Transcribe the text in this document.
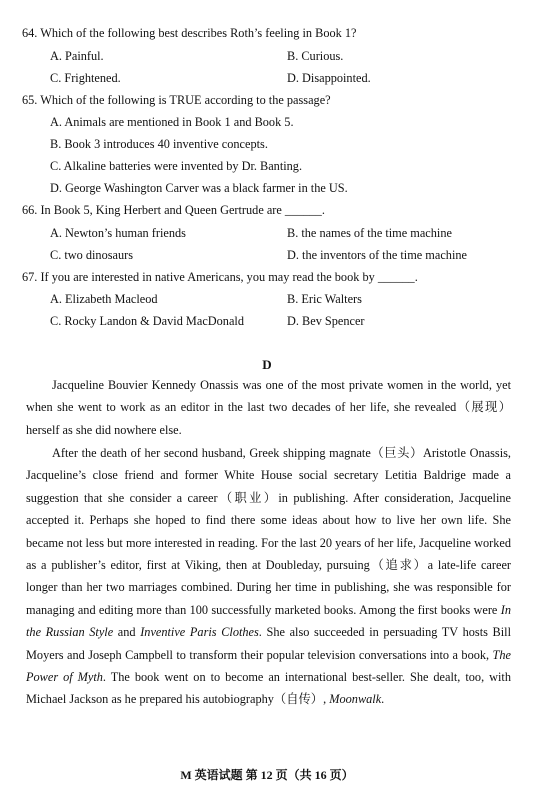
64. Which of the following best describes Roth’s feeling in Book 1?
A. Painful.	B. Curious.
C. Frightened.	D. Disappointed.
65. Which of the following is TRUE according to the passage?
A. Animals are mentioned in Book 1 and Book 5.
B. Book 3 introduces 40 inventive concepts.
C. Alkaline batteries were invented by Dr. Banting.
D. George Washington Carver was a black farmer in the US.
66. In Book 5, King Herbert and Queen Gertrude are ______.
A. Newton’s human friends	B. the names of the time machine
C. two dinosaurs	D. the inventors of the time machine
67. If you are interested in native Americans, you may read the book by ______.
A. Elizabeth Macleod	B. Eric Walters
C. Rocky Landon & David MacDonald	D. Bev Spencer
D
Jacqueline Bouvier Kennedy Onassis was one of the most private women in the world, yet when she went to work as an editor in the last two decades of her life, she revealed（展现）herself as she did nowhere else.
After the death of her second husband, Greek shipping magnate（巨头）Aristotle Onassis, Jacqueline’s close friend and former White House social secretary Letitia Baldrige made a suggestion that she consider a career（职业）in publishing. After consideration, Jacqueline accepted it. Perhaps she hoped to find there some ideas about how to live her own life. She became not less but more interested in reading. For the last 20 years of her life, Jacqueline worked as a publisher’s editor, first at Viking, then at Doubleday, pursuing（追求）a late-life career longer than her two marriages combined. During her time in publishing, she was responsible for managing and editing more than 100 successfully marketed books. Among the first books were In the Russian Style and Inventive Paris Clothes. She also succeeded in persuading TV hosts Bill Moyers and Joseph Campbell to transform their popular television conversations into a book, The Power of Myth. The book went on to become an international best-seller. She dealt, too, with Michael Jackson as he prepared his autobiography（自传）, Moonwalk.
M 英语试题 第 12 页（共 16 页）
